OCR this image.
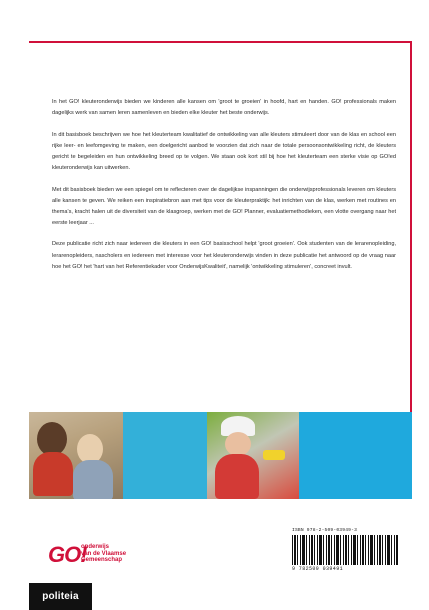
In het GO! kleuteronderwijs bieden we kinderen alle kansen om 'groot te groeien' in hoofd, hart en handen. GO! professionals maken dagelijks werk van samen leren samenleven en bieden elke kleuter het beste onderwijs.

In dit basisboek beschrijven we hoe het kleuterteam kwalitatief de ontwikkeling van alle kleuters stimuleert door van de klas en school een rijke leer- en leefomgeving te maken, een doelgericht aanbod te voorzien dat zich naar de totale persoonsontwikkeling richt, de kleuters gericht te begeleiden en hun ontwikkeling breed op te volgen. We staan ook kort stil bij hoe het kleuterteam een sterke visie op GO!ed kleuteronderwijs kan uitwerken.

Met dit basisboek bieden we een spiegel om te reflecteren over de dagelijkse inspanningen die onderwijsprofessionals leveren om kleuters alle kansen te geven. We reiken een inspiratiebron aan met tips voor de kleuterpraktijk: het inrichten van de klas, werken met routines en thema's, kracht halen uit de diversiteit van de klasgroep, werken met de GO! Planner, evaluatiemethodieken, een vlotte overgang naar het eerste leerjaar ...

Deze publicatie richt zich naar iedereen die kleuters in een GO! basisschool helpt 'groot groeien'. Ook studenten van de lerarenopleiding, lerarenopleiders, nascholers en iedereen met interesse voor het kleuteronderwijs vinden in deze publicatie het antwoord op de vraag naar hoe het GO! het 'hart van het Referentiekader voor OnderwijsKwaliteit', namelijk 'ontwikkeling stimuleren', concreet invult.

ISBN 978-2-509-03949-3
9 782509 039491
GO!
onderwijs
van de Vlaamse
Gemeenschap
politeia
